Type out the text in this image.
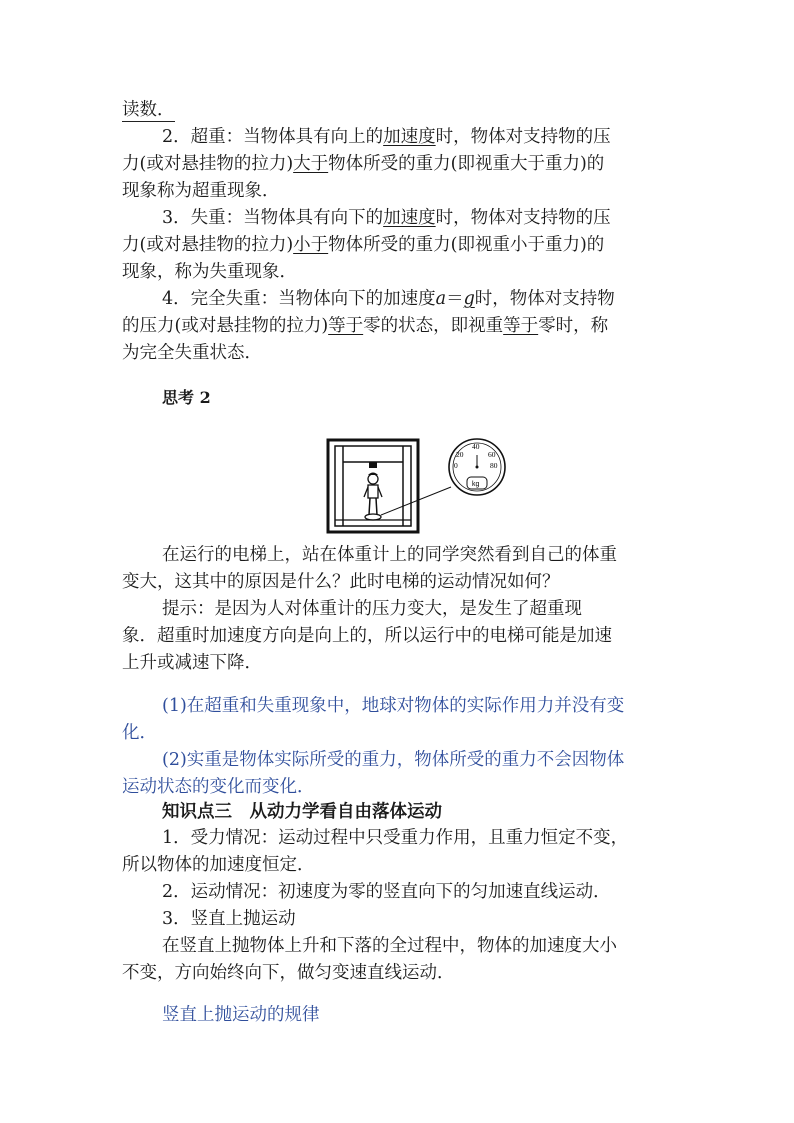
读数．
2．超重：当物体具有向上的加速度时，物体对支持物的压
力(或对悬挂物的拉力)大于物体所受的重力(即视重大于重力)的
现象称为超重现象．
3．失重：当物体具有向下的加速度时，物体对支持物的压
力(或对悬挂物的拉力)小于物体所受的重力(即视重小于重力)的
现象，称为失重现象．
4．完全失重：当物体向下的加速度a＝g时，物体对支持物
的压力(或对悬挂物的拉力)等于零的状态，即视重等于零时，称
为完全失重状态．
思考 2
0
20
40
60
80
kg
在运行的电梯上，站在体重计上的同学突然看到自己的体重
变大，这其中的原因是什么？此时电梯的运动情况如何？
提示：是因为人对体重计的压力变大，是发生了超重现
象．超重时加速度方向是向上的，所以运行中的电梯可能是加速
上升或减速下降．
(1)在超重和失重现象中，地球对物体的实际作用力并没有变
化．
(2)实重是物体实际所受的重力，物体所受的重力不会因物体
运动状态的变化而变化．
知识点三　从动力学看自由落体运动
1．受力情况：运动过程中只受重力作用，且重力恒定不变，
所以物体的加速度恒定．
2．运动情况：初速度为零的竖直向下的匀加速直线运动．
3．竖直上抛运动
在竖直上抛物体上升和下落的全过程中，物体的加速度大小
不变，方向始终向下，做匀变速直线运动．
竖直上抛运动的规律
